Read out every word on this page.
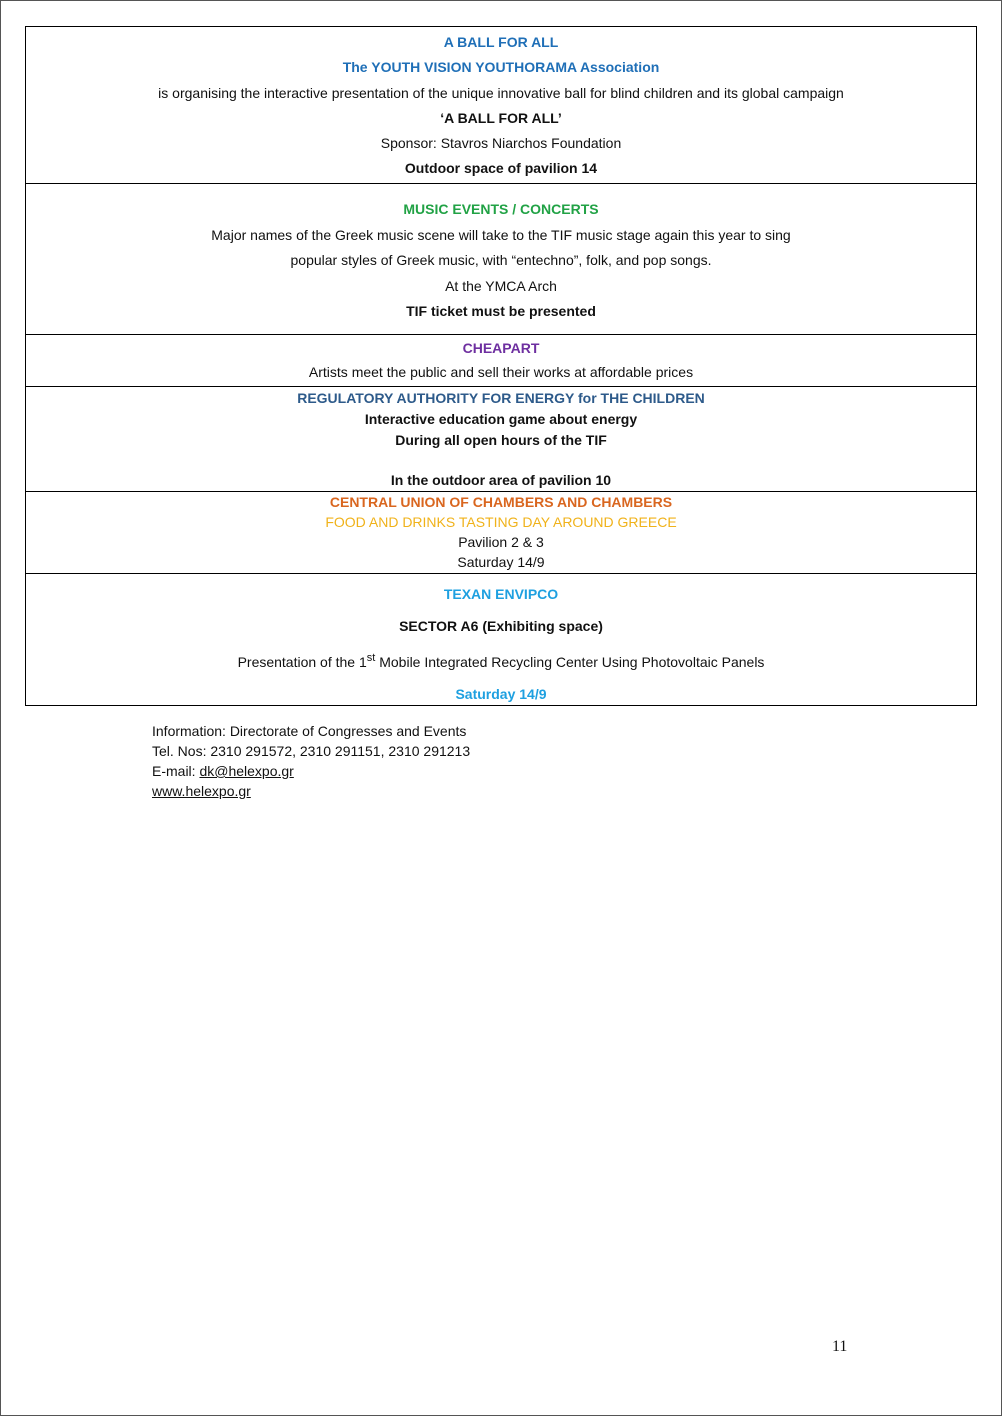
A BALL FOR ALL
The YOUTH VISION YOUTHORAMA Association
is organising the interactive presentation of the unique innovative ball for blind children and its global campaign
‘A BALL FOR ALL’
Sponsor: Stavros Niarchos Foundation
Outdoor space of pavilion 14
MUSIC EVENTS / CONCERTS
Major names of the Greek music scene will take to the TIF music stage again this year to sing
popular styles of Greek music, with “entechno”, folk, and pop songs.
At the YMCA Arch
TIF ticket must be presented
CHEAPART
Artists meet the public and sell their works at affordable prices
REGULATORY AUTHORITY FOR ENERGY for THE CHILDREN
Interactive education game about energy
During all open hours of the TIF
In the outdoor area of pavilion 10
CENTRAL UNION OF CHAMBERS AND CHAMBERS
FOOD AND DRINKS TASTING DAY AROUND GREECE
Pavilion 2 & 3
Saturday 14/9
TEXAN ENVIPCO
SECTOR A6 (Exhibiting space)
Presentation of the 1st Mobile Integrated Recycling Center Using Photovoltaic Panels
Saturday 14/9
Information: Directorate of Congresses and Events
Tel. Nos: 2310 291572, 2310 291151, 2310 291213
E-mail: dk@helexpo.gr
www.helexpo.gr
11
